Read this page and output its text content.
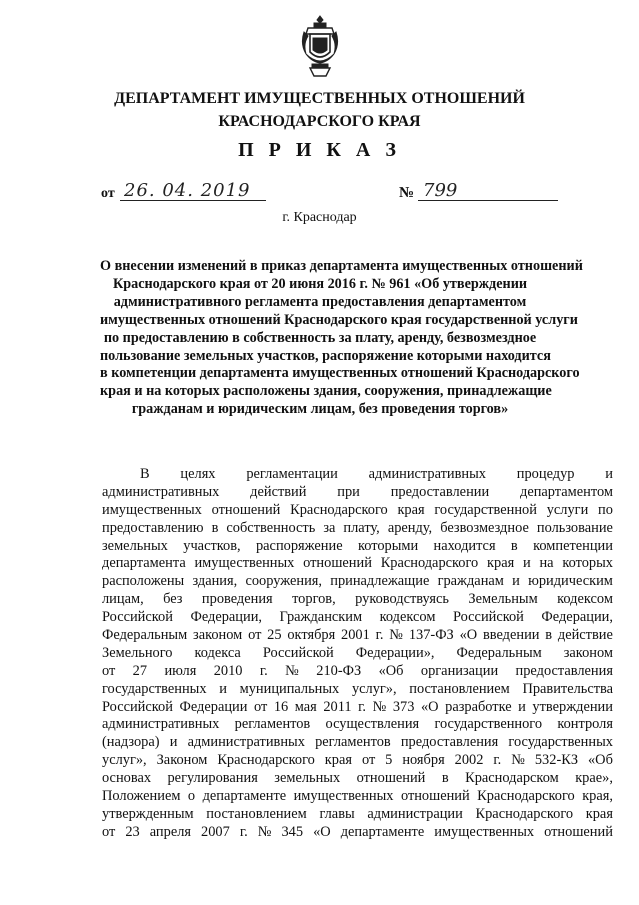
ДЕПАРТАМЕНТ ИМУЩЕСТВЕННЫХ ОТНОШЕНИЙ
КРАСНОДАРСКОГО КРАЯ
П Р И К А З
от 26. 04. 2019	№ 799
г. Краснодар
О внесении изменений в приказ департамента имущественных отношений
Краснодарского края от 20 июня 2016 г. № 961 «Об утверждении
административного регламента предоставления департаментом
имущественных отношений Краснодарского края государственной услуги
по предоставлению в собственность за плату, аренду, безвозмездное
пользование земельных участков, распоряжение которыми находится
в компетенции департамента имущественных отношений Краснодарского
края и на которых расположены здания, сооружения, принадлежащие
гражданам и юридическим лицам, без проведения торгов»
В целях регламентации административных процедур и
административных действий при предоставлении департаментом
имущественных отношений Краснодарского края государственной услуги по
предоставлению в собственность за плату, аренду, безвозмездное пользование
земельных участков, распоряжение которыми находится в компетенции
департамента имущественных отношений Краснодарского края и на которых
расположены здания, сооружения, принадлежащие гражданам и юридическим
лицам, без проведения торгов, руководствуясь Земельным кодексом
Российской Федерации, Гражданским кодексом Российской Федерации,
Федеральным законом от 25 октября 2001 г. № 137-ФЗ «О введении в действие
Земельного кодекса Российской Федерации», Федеральным законом
от 27 июля 2010 г. № 210-ФЗ «Об организации предоставления
государственных и муниципальных услуг», постановлением Правительства
Российской Федерации от 16 мая 2011 г. № 373 «О разработке и утверждении
административных регламентов осуществления государственного контроля
(надзора) и административных регламентов предоставления государственных
услуг», Законом Краснодарского края от 5 ноября 2002 г. № 532-КЗ «Об
основах регулирования земельных отношений в Краснодарском крае»,
Положением о департаменте имущественных отношений Краснодарского края,
утвержденным постановлением главы администрации Краснодарского края
от 23 апреля 2007 г. № 345 «О департаменте имущественных отношений
